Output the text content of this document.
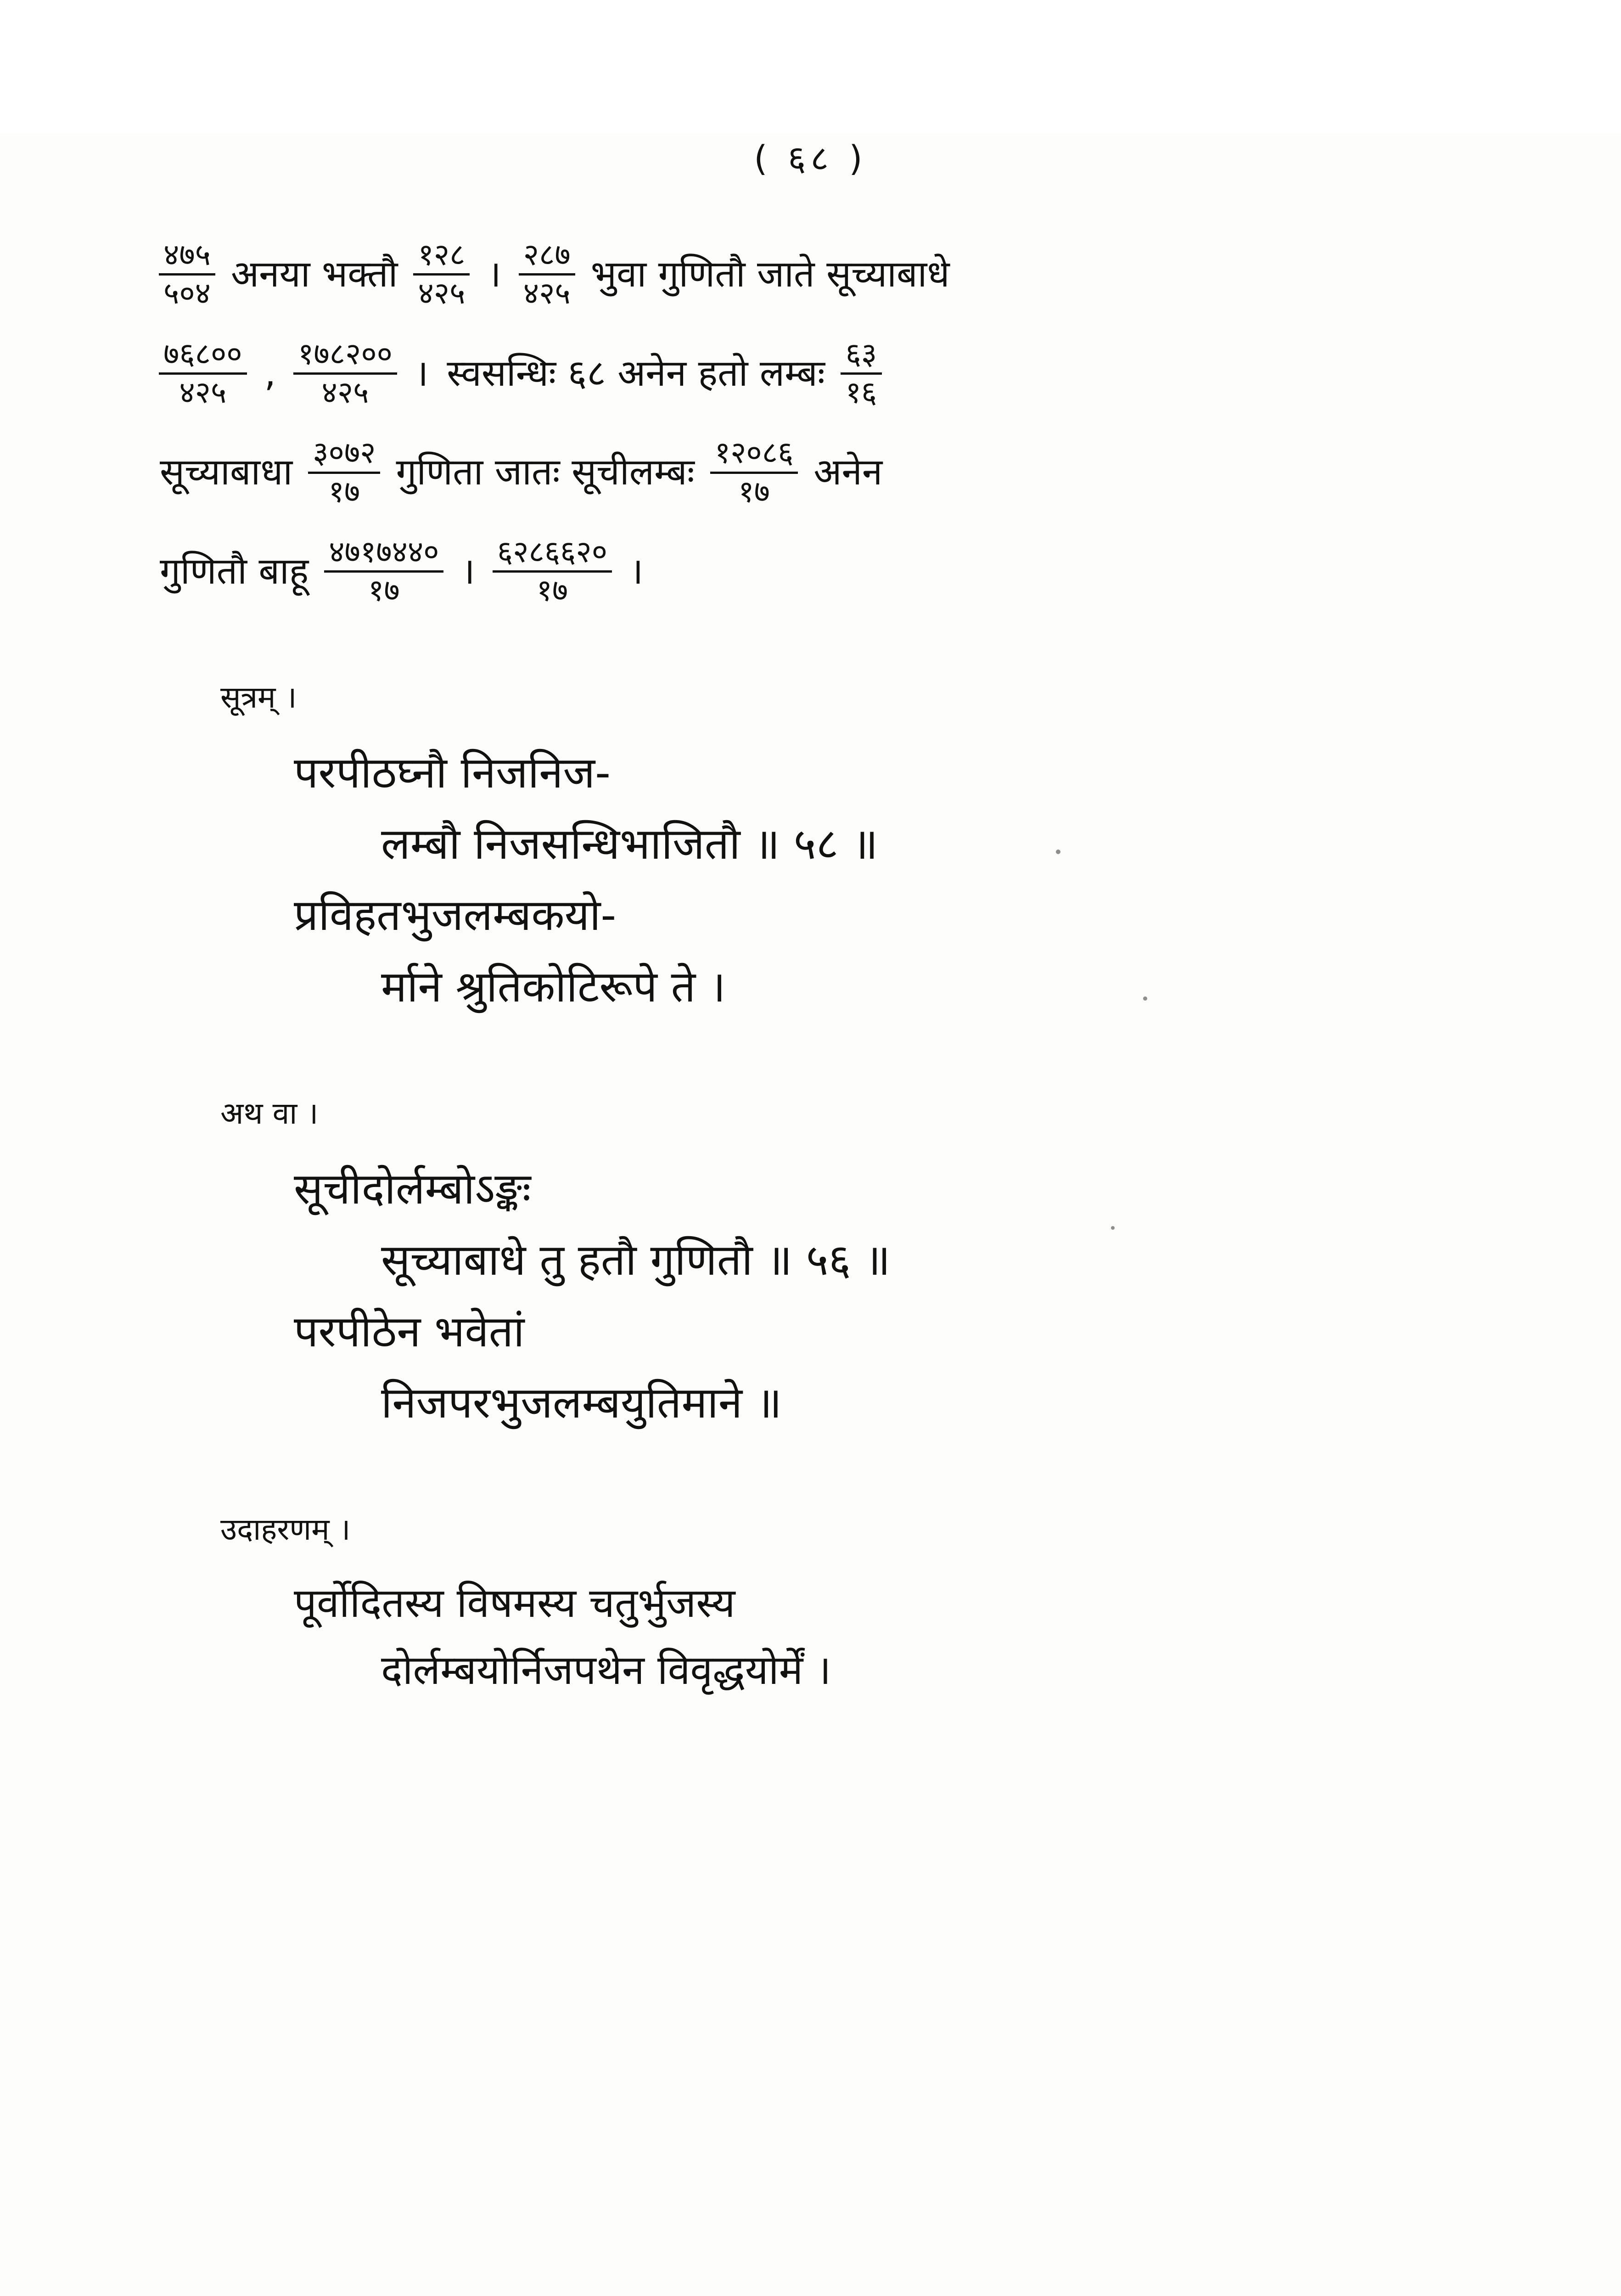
( ६८ )
४७५
५०४ अनया भक्तौ १२८
४२५ । २८७
४२५ भुवा गुणितौ जाते सूच्याबाधे
७६८००
४२५ , १७८२००
४२५ । स्वसन्धिः ६८ अनेन हतो लम्बः ६३
१६
सूच्याबाधा ३०७२
१७ गुणिता जातः सूचीलम्बः १२०८६
१७ अनेन
गुणितौ बाहू ४७१७४४०
१७ । ६२८६६२०
१७ ।
सूत्रम् ।
परपीठघ्नौ निजनिज-
लम्बौ निजसन्धिभाजितौ ॥ ५८ ॥
प्रविहतभुजलम्बकयो-
र्माने श्रुतिकोटिरूपे ते ।
अथ वा ।
सूचीदोर्लम्बोऽङ्कः
सूच्याबाधे तु हतौ गुणितौ ॥ ५६ ॥
परपीठेन भवेतां
निजपरभुजलम्बयुतिमाने ॥
उदाहरणम् ।
पूर्वोदितस्य विषमस्य चतुर्भुजस्य
दोर्लम्बयोर्निजपथेन विवृद्धयोर्में ।
